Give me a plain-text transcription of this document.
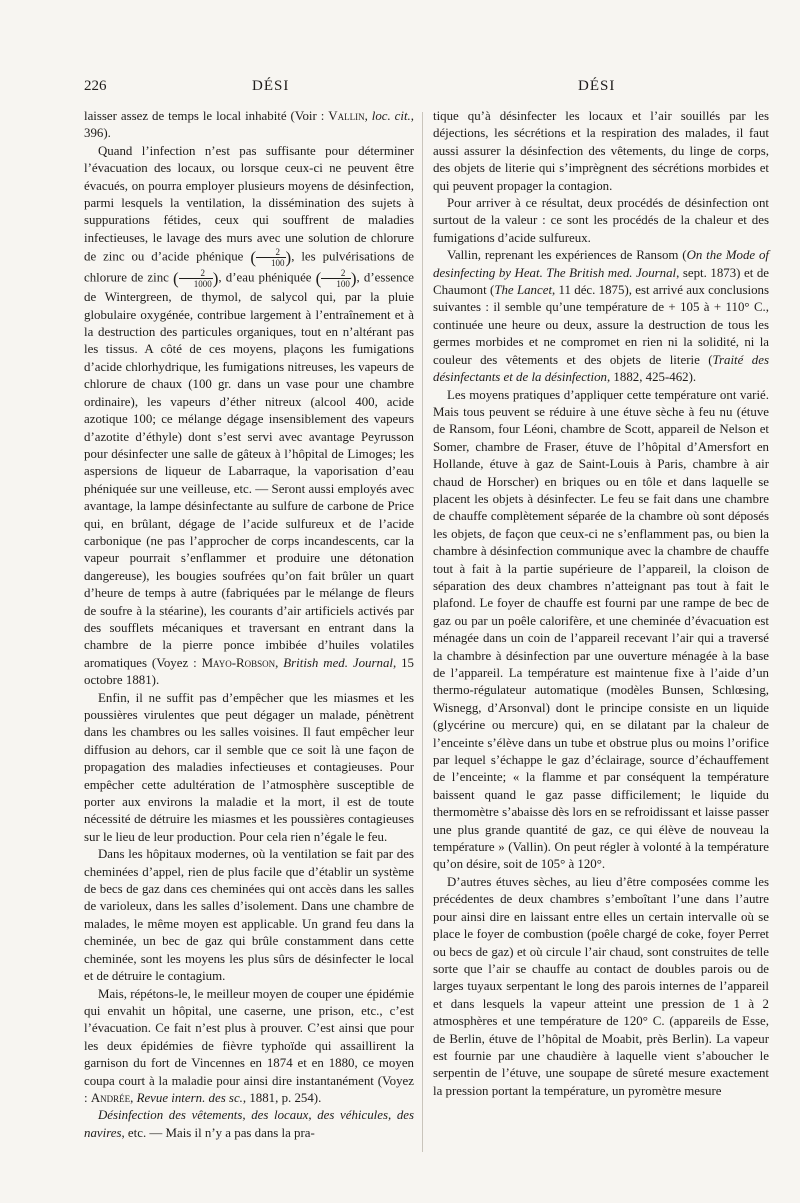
226	DÉSI	DÉSI

laisser assez de temps le local inhabité (Voir : Vallin, loc. cit., 396).

Quand l’infection n’est pas suffisante pour déterminer l’évacuation des locaux, ou lorsque ceux-ci ne peuvent être évacués, on pourra employer plusieurs moyens de désinfection, parmi lesquels la ventilation, la dissémination des sujets à suppurations fétides, ceux qui souffrent de maladies infectieuses, le lavage des murs avec une solution de chlorure de zinc ou d’acide phénique ( $\frac{2}{100}$ ), les pulvérisations de chlorure de zinc ( $\frac{2}{1000}$ ), d’eau phéniquée ( $\frac{2}{100}$ ), d’essence de Wintergreen, de thymol, de salycol qui, par la pluie globulaire oxygénée, contribue largement à l’entraînement et à la destruction des particules organiques, tout en n’altérant pas les tissus. A côté de ces moyens, plaçons les fumigations d’acide chlorhydrique, les fumigations nitreuses, les vapeurs de chlorure de chaux (100 gr. dans un vase pour une chambre ordinaire), les vapeurs d’éther nitreux (alcool 400, acide azotique 100; ce mélange dégage insensiblement des vapeurs d’azotite d’éthyle) dont s’est servi avec avantage Peyrusson pour désinfecter une salle de gâteux à l’hôpital de Limoges; les aspersions de liqueur de Labarraque, la vaporisation d’eau phéniquée sur une veilleuse, etc. — Seront aussi employés avec avantage, la lampe désinfectante au sulfure de carbone de Price qui, en brûlant, dégage de l’acide sulfureux et de l’acide carbonique (ne pas l’approcher de corps incandescents, car la vapeur pourrait s’enflammer et produire une détonation dangereuse), les bougies soufrées qu’on fait brûler un quart d’heure de temps à autre (fabriquées par le mélange de fleurs de soufre à la stéarine), les courants d’air artificiels activés par des soufflets mécaniques et traversant en entrant dans la chambre de la pierre ponce imbibée d’huiles volatiles aromatiques (Voyez : Mayo-Robson, British med. Journal, 15 octobre 1881).

Enfin, il ne suffit pas d’empêcher que les miasmes et les poussières virulentes que peut dégager un malade, pénètrent dans les chambres ou les salles voisines. Il faut empêcher leur diffusion au dehors, car il semble que ce soit là une façon de propagation des maladies infectieuses et contagieuses. Pour empêcher cette adultération de l’atmosphère susceptible de porter aux environs la maladie et la mort, il est de toute nécessité de détruire les miasmes et les poussières contagieuses sur le lieu de leur production. Pour cela rien n’égale le feu.

Dans les hôpitaux modernes, où la ventilation se fait par des cheminées d’appel, rien de plus facile que d’établir un système de becs de gaz dans ces cheminées qui ont accès dans les salles de varioleux, dans les salles d’isolement. Dans une chambre de malades, le même moyen est applicable. Un grand feu dans la cheminée, un bec de gaz qui brûle constamment dans cette cheminée, sont les moyens les plus sûrs de désinfecter le local et de détruire le contagium.

Mais, répétons-le, le meilleur moyen de couper une épidémie qui envahit un hôpital, une caserne, une prison, etc., c’est l’évacuation. Ce fait n’est plus à prouver. C’est ainsi que pour les deux épidémies de fièvre typhoïde qui assaillirent la garnison du fort de Vincennes en 1874 et en 1880, ce moyen coupa court à la maladie pour ainsi dire instantanément (Voyez : Andrée, Revue intern. des sc., 1881, p. 254).

Désinfection des vêtements, des locaux, des véhicules, des navires, etc. — Mais il n’y a pas dans la pra-

tique qu’à désinfecter les locaux et l’air souillés par les déjections, les sécrétions et la respiration des malades, il faut aussi assurer la désinfection des vêtements, du linge de corps, des objets de literie qui s’imprègnent des sécrétions morbides et qui peuvent propager la contagion.

Pour arriver à ce résultat, deux procédés de désinfection ont surtout de la valeur : ce sont les procédés de la chaleur et des fumigations d’acide sulfureux.

Vallin, reprenant les expériences de Ransom (On the Mode of desinfecting by Heat. The British med. Journal, sept. 1873) et de Chaumont (The Lancet, 11 déc. 1875), est arrivé aux conclusions suivantes : il semble qu’une température de + 105 à + 110° C., continuée une heure ou deux, assure la destruction de tous les germes morbides et ne compromet en rien ni la solidité, ni la couleur des vêtements et des objets de literie (Traité des désinfectants et de la désinfection, 1882, 425-462).

Les moyens pratiques d’appliquer cette température ont varié. Mais tous peuvent se réduire à une étuve sèche à feu nu (étuve de Ransom, four Léoni, chambre de Scott, appareil de Nelson et Somer, chambre de Fraser, étuve de l’hôpital d’Amersfort en Hollande, étuve à gaz de Saint-Louis à Paris, chambre à air chaud de Horscher) en briques ou en tôle et dans laquelle se placent les objets à désinfecter. Le feu se fait dans une chambre de chauffe complètement séparée de la chambre où sont déposés les objets, de façon que ceux-ci ne s’enflamment pas, ou bien la chambre à désinfection communique avec la chambre de chauffe tout à fait à la partie supérieure de l’appareil, la cloison de séparation des deux chambres n’atteignant pas tout à fait le plafond. Le foyer de chauffe est fourni par une rampe de bec de gaz ou par un poêle calorifère, et une cheminée d’évacuation est ménagée dans un coin de l’appareil recevant l’air qui a traversé la chambre à désinfection par une ouverture ménagée à la base de l’appareil. La température est maintenue fixe à l’aide d’un thermo-régulateur automatique (modèles Bunsen, Schlœsing, Wisnegg, d’Arsonval) dont le principe consiste en un liquide (glycérine ou mercure) qui, en se dilatant par la chaleur de l’enceinte s’élève dans un tube et obstrue plus ou moins l’orifice par lequel s’échappe le gaz d’éclairage, source d’échauffement de l’enceinte; « la flamme et par conséquent la température baissent quand le gaz passe difficilement; le liquide du thermomètre s’abaisse dès lors en se refroidissant et laisse passer une plus grande quantité de gaz, ce qui élève de nouveau la température » (Vallin). On peut régler à volonté à la température qu’on désire, soit de 105° à 120°.

D’autres étuves sèches, au lieu d’être composées comme les précédentes de deux chambres s’emboîtant l’une dans l’autre pour ainsi dire en laissant entre elles un certain intervalle où se place le foyer de combustion (poêle chargé de coke, foyer Perret ou becs de gaz) et où circule l’air chaud, sont construites de telle sorte que l’air se chauffe au contact de doubles parois ou de larges tuyaux serpentant le long des parois internes de l’appareil et dans lesquels la vapeur atteint une pression de 1 à 2 atmosphères et une température de 120° C. (appareils de Esse, de Berlin, étuve de l’hôpital de Moabit, près Berlin). La vapeur est fournie par une chaudière à laquelle vient s’aboucher le serpentin de l’étuve, une soupape de sûreté mesure exactement la pression portant la température, un pyromètre mesure
